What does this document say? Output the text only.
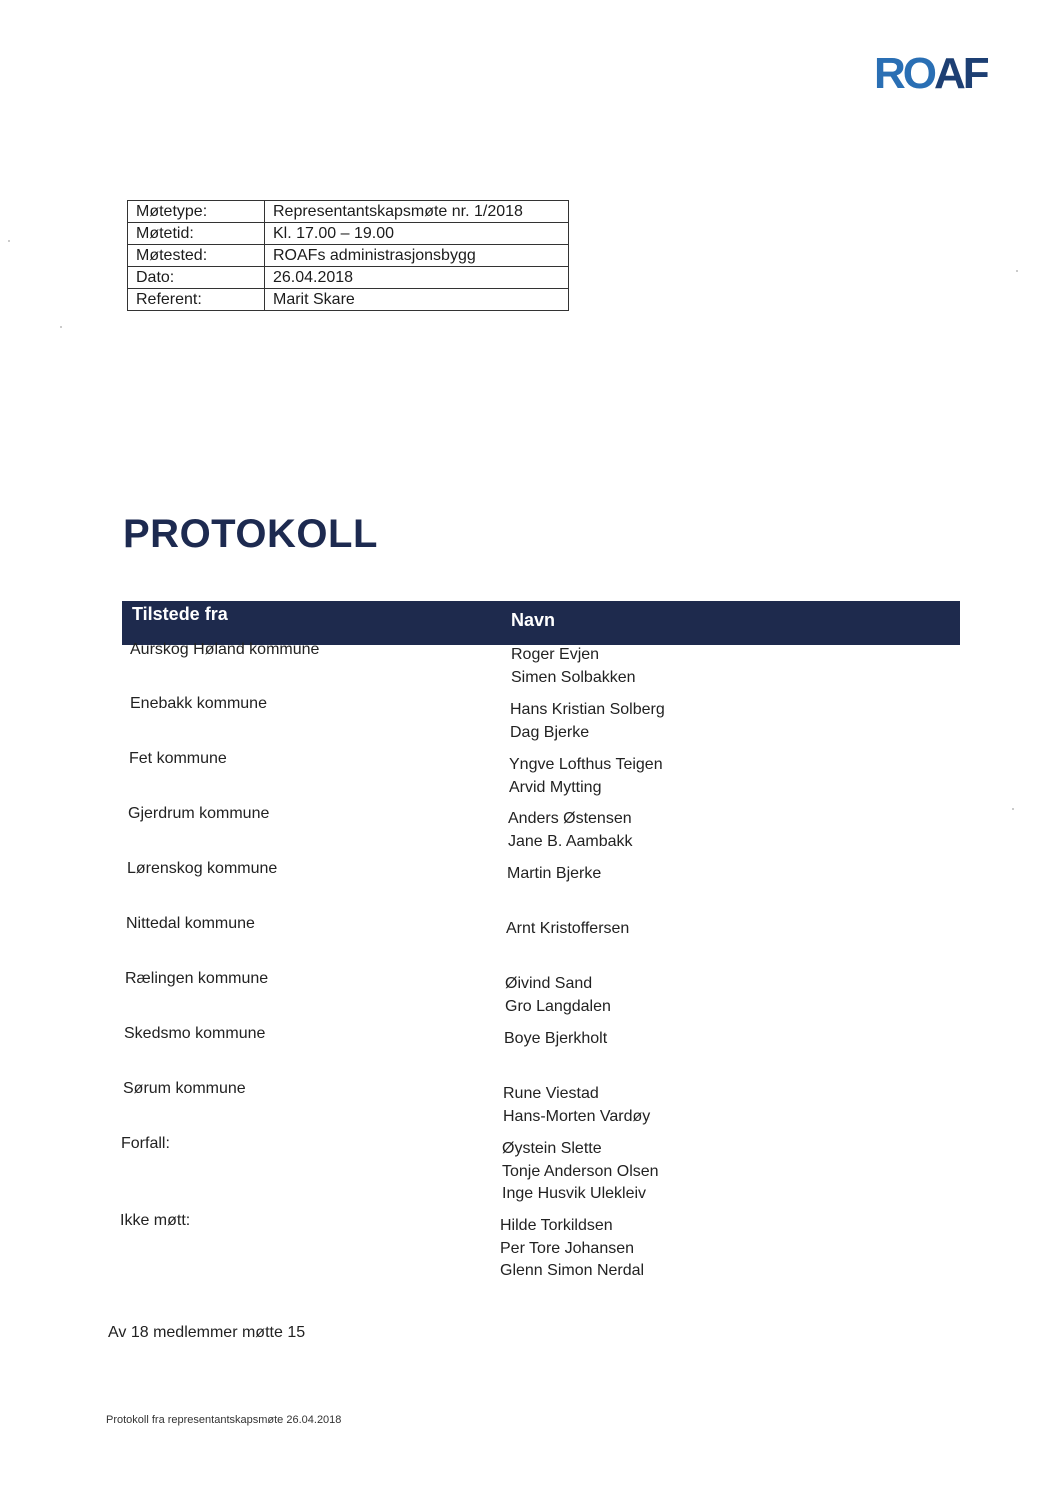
ROAF
Møtetype:	Representantskapsmøte nr. 1/2018
Møtetid:	Kl. 17.00 – 19.00
Møtested:	ROAFs administrasjonsbygg
Dato:	26.04.2018
Referent:	Marit Skare
PROTOKOLL
Tilstede fra	Navn
Aurskog Høland kommune	Roger Evjen
Simen Solbakken
Enebakk kommune	Hans Kristian Solberg
Dag Bjerke
Fet kommune	Yngve Lofthus Teigen
Arvid Mytting
Gjerdrum kommune	Anders Østensen
Jane B. Aambakk
Lørenskog kommune	Martin Bjerke
Nittedal kommune	Arnt Kristoffersen
Rælingen kommune	Øivind Sand
Gro Langdalen
Skedsmo kommune	Boye Bjerkholt
Sørum kommune	Rune Viestad
Hans-Morten Vardøy
Forfall:	Øystein Slette
Tonje Anderson Olsen
Inge Husvik Ulekleiv
Ikke møtt:	Hilde Torkildsen
Per Tore Johansen
Glenn Simon Nerdal
Av 18 medlemmer møtte 15
Protokoll fra representantskapsmøte 26.04.2018
